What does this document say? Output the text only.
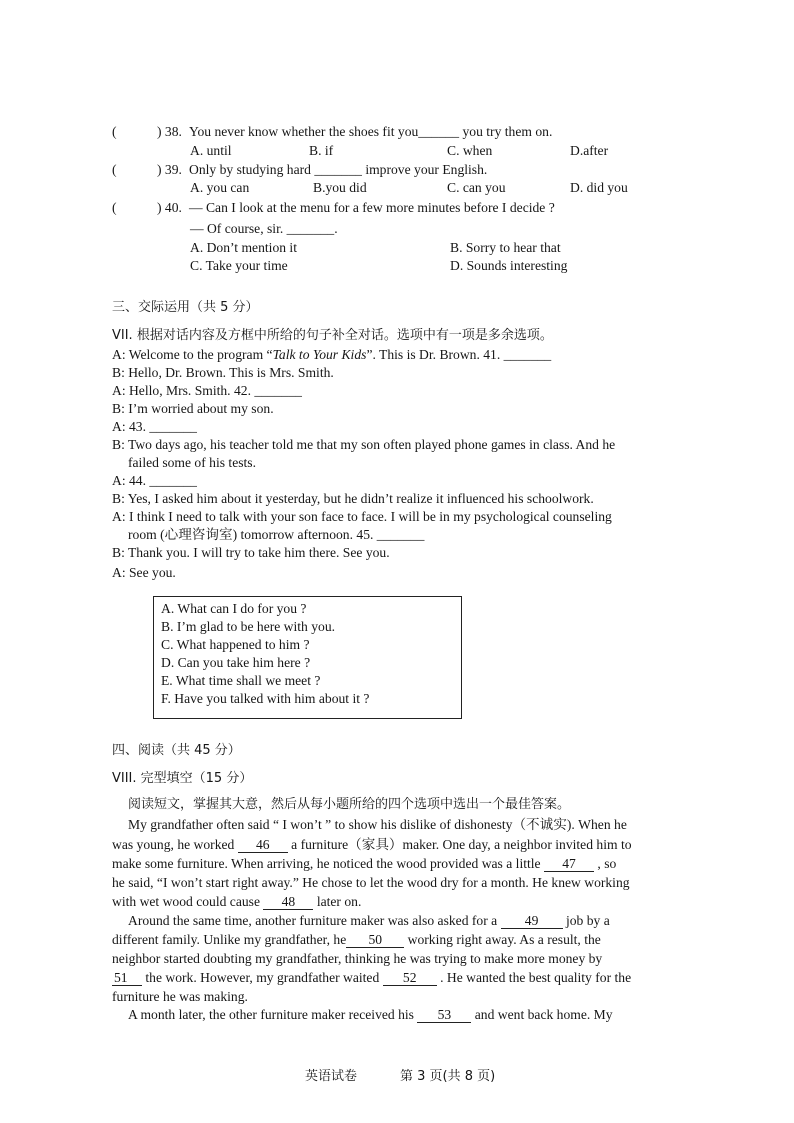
(	) 38. You never know whether the shoes fit you______ you try them on.
A. until	B. if	C. when	D.after
(	) 39. Only by studying hard _______ improve your English.
A. you can	B.you did	C. can you	D. did you
(	) 40. — Can I look at the menu for a few more minutes before I decide ?
— Of course, sir. _______.
A. Don’t mention it	B. Sorry to hear that
C. Take your time	D. Sounds interesting
三、交际运用（共 5 分）
VII. 根据对话内容及方框中所给的句子补全对话。选项中有一项是多余选项。
A: Welcome to the program “Talk to Your Kids”. This is Dr. Brown. 41. _______
B: Hello, Dr. Brown. This is Mrs. Smith.
A: Hello, Mrs. Smith. 42. _______
B: I’m worried about my son.
A: 43. _______
B: Two days ago, his teacher told me that my son often played phone games in class. And he
failed some of his tests.
A: 44. _______
B: Yes, I asked him about it yesterday, but he didn’t realize it influenced his schoolwork.
A: I think I need to talk with your son face to face. I will be in my psychological counseling
room (心理咨询室) tomorrow afternoon. 45. _______
B: Thank you. I will try to take him there. See you.
A: See you.
A. What can I do for you ?
B. I’m glad to be here with you.
C. What happened to him ?
D. Can you take him here ?
E. What time shall we meet ?
F. Have you talked with him about it ?
四、阅读（共 45 分）
VIII. 完型填空（15 分）
阅读短文，掌握其大意，然后从每小题所给的四个选项中选出一个最佳答案。
My grandfather often said “ I won’t ” to show his dislike of dishonesty（不诚实). When he
was young, he worked 46 a furniture（家具）maker. One day, a neighbor invited him to
make some furniture. When arriving, he noticed the wood provided was a little 47 , so
he said, “I won’t start right away.” He chose to let the wood dry for a month. He knew working
with wet wood could cause 48 later on.
Around the same time, another furniture maker was also asked for a 49 job by a
different family. Unlike my grandfather, he 50 working right away. As a result, the
neighbor started doubting my grandfather, thinking he was trying to make more money by
51 the work. However, my grandfather waited 52 . He wanted the best quality for the
furniture he was making.
A month later, the other furniture maker received his 53 and went back home. My
英语试卷	第 3 页(共 8 页)
